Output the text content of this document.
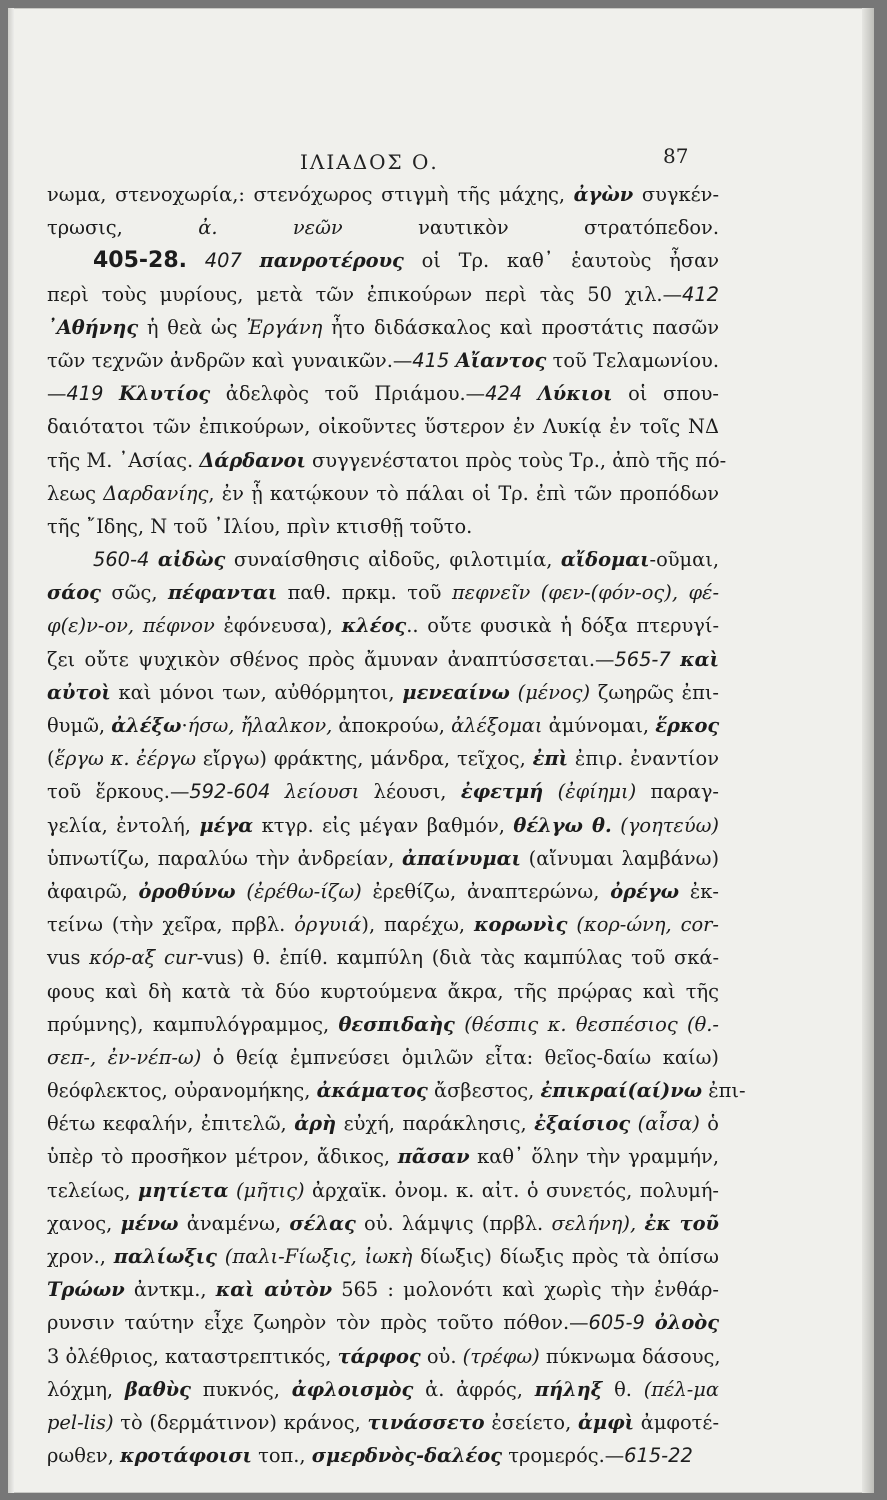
ΙΛΙΑΔΟΣ Ο.	87
νωμα, στενοχωρία,: στενόχωρος στιγμὴ τῆς μάχης, ἀγὼν συγκέν-
τρωσις, ἀ. νεῶν ναυτικὸν στρατόπεδον.
405-28. 407 πανροτέρους οἱ Τρ. καθ᾽ ἑαυτοὺς ἦσαν
περὶ τοὺς μυρίους, μετὰ τῶν ἐπικούρων περὶ τὰς 50 χιλ.—412
᾿Αθήνης ἡ θεὰ ὡς Ἐργάνη ἦτο διδάσκαλος καὶ προστάτις πασῶν
τῶν τεχνῶν ἀνδρῶν καὶ γυναικῶν.—415 Αἴαντος τοῦ Τελαμωνίου.
—419 Κλυτίος ἀδελφὸς τοῦ Πριάμου.—424 Λύκιοι οἱ σπου-
δαιότατοι τῶν ἐπικούρων, οἰκοῦντες ὕστερον ἐν Λυκίᾳ ἐν τοῖς ΝΔ
τῆς Μ. ᾿Ασίας. Δάρδανοι συγγενέστατοι πρὸς τοὺς Τρ., ἀπὸ τῆς πό-
λεως Δαρδανίης, ἐν ᾗ κατῴκουν τὸ πάλαι οἱ Τρ. ἐπὶ τῶν προπόδων
τῆς ῎Ιδης, Ν τοῦ ᾿Ιλίου, πρὶν κτισθῇ τοῦτο.
560-4 αἰδὼς συναίσθησις αἰδοῦς, φιλοτιμία, αἴδομαι-οῦμαι,
σάος σῶς, πέφανται παθ. πρκμ. τοῦ πεφνεῖν (φεν-(φόν-ος), φέ-
φ(ε)ν-ον, πέφνον ἐφόνευσα), κλέος.. οὔτε φυσικὰ ἡ δόξα πτερυγί-
ζει οὔτε ψυχικὸν σθένος πρὸς ἄμυναν ἀναπτύσσεται.—565-7 καὶ
αὐτοὶ καὶ μόνοι των, αὐθόρμητοι, μενεαίνω (μένος) ζωηρῶς ἐπι-
θυμῶ, ἀλέξω·ήσω, ἤλαλκον, ἀποκρούω, ἀλέξομαι ἀμύνομαι, ἕρκος
(ἕργω κ. ἐέργω εἴργω) φράκτης, μάνδρα, τεῖχος, ἐπὶ ἐπιρ. ἐναντίον
τοῦ ἕρκους.—592-604 λείουσι λέουσι, ἐφετμή (ἐφίημι) παραγ-
γελία, ἐντολή, μέγα κτγρ. εἰς μέγαν βαθμόν, θέλγω θ. (γοητεύω)
ὑπνωτίζω, παραλύω τὴν ἀνδρείαν, ἀπαίνυμαι (αἴνυμαι λαμβάνω)
ἀφαιρῶ, ὀροθύνω (ἐρέθω-ίζω) ἐρεθίζω, ἀναπτερώνω, ὀρέγω ἐκ-
τείνω (τὴν χεῖρα, πρβλ. ὀργυιά), παρέχω, κορωνὶς (κορ-ώνη, cor-
vus κόρ-αξ cur-vus) θ. ἐπίθ. καμπύλη (διὰ τὰς καμπύλας τοῦ σκά-
φους καὶ δὴ κατὰ τὰ δύο κυρτούμενα ἄκρα, τῆς πρῴρας καὶ τῆς
πρύμνης), καμπυλόγραμμος, θεσπιδαὴς (θέσπις κ. θεσπέσιος (θ.-
σεπ-, ἐν-νέπ-ω) ὁ θείᾳ ἐμπνεύσει ὁμιλῶν εἶτα: θεῖος-δαίω καίω)
θεόφλεκτος, οὐρανομήκης, ἀκάματος ἄσβεστος, ἐπικραί(αί)νω ἐπι-
θέτω κεφαλήν, ἐπιτελῶ, ἀρὴ εὐχή, παράκλησις, ἐξαίσιος (αἶσα) ὁ
ὑπὲρ τὸ προσῆκον μέτρον, ἄδικος, πᾶσαν καθ᾽ ὅλην τὴν γραμμήν,
τελείως, μητίετα (μῆτις) ἀρχαϊκ. ὀνομ. κ. αἰτ. ὁ συνετός, πολυμή-
χανος, μένω ἀναμένω, σέλας οὐ. λάμψις (πρβλ. σελήνη), ἐκ τοῦ
χρον., παλίωξις (παλι-Fίωξις, ἰωκὴ δίωξις) δίωξις πρὸς τὰ ὀπίσω
Τρώων ἀντκμ., καὶ αὐτὸν 565 : μολονότι καὶ χωρὶς τὴν ἐνθάρ-
ρυνσιν ταύτην εἶχε ζωηρὸν τὸν πρὸς τοῦτο πόθον.—605-9 ὀλοὸς
3 ὀλέθριος, καταστρεπτικός, τάρφος οὐ. (τρέφω) πύκνωμα δάσους,
λόχμη, βαθὺς πυκνός, ἀφλοισμὸς ἀ. ἀφρός, πήληξ θ. (πέλ-μα
pel-lis) τὸ (δερμάτινον) κράνος, τινάσσετο ἐσείετο, ἀμφὶ ἀμφοτέ-
ρωθεν, κροτάφοισι τοπ., σμερδνὸς-δαλέος τρομερός.—615-22
